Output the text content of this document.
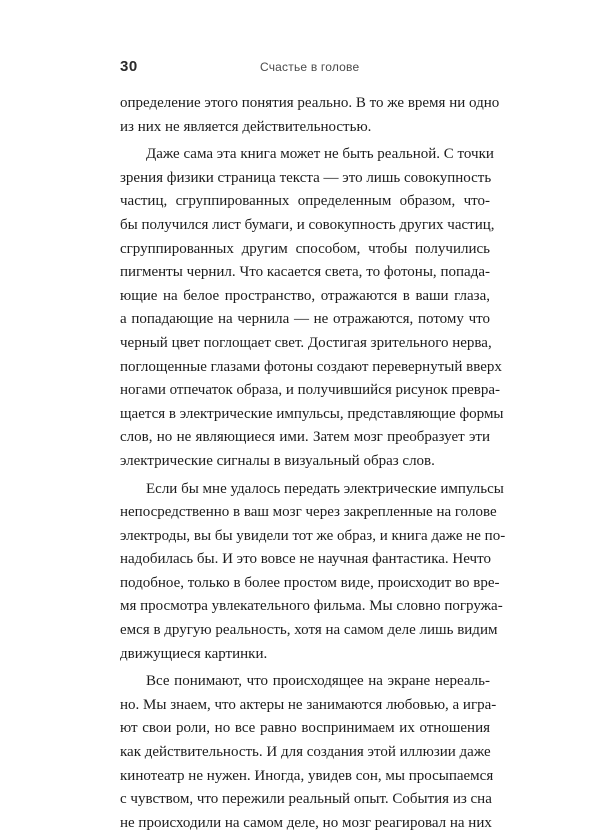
30	Счастье в голове

определение этого понятия реально. В то же время ни одно
из них не является действительностью.

Даже сама эта книга может не быть реальной. С точки
зрения физики страница текста — это лишь совокупность
частиц, сгруппированных определенным образом, что-
бы получился лист бумаги, и совокупность других частиц,
сгруппированных другим способом, чтобы получились
пигменты чернил. Что касается света, то фотоны, попада-
ющие на белое пространство, отражаются в ваши глаза,
а попадающие на чернила — не отражаются, потому что
черный цвет поглощает свет. Достигая зрительного нерва,
поглощенные глазами фотоны создают перевернутый вверх
ногами отпечаток образа, и получившийся рисунок превра-
щается в электрические импульсы, представляющие формы
слов, но не являющиеся ими. Затем мозг преобразует эти
электрические сигналы в визуальный образ слов.

Если бы мне удалось передать электрические импульсы
непосредственно в ваш мозг через закрепленные на голове
электроды, вы бы увидели тот же образ, и книга даже не по-
надобилась бы. И это вовсе не научная фантастика. Нечто
подобное, только в более простом виде, происходит во вре-
мя просмотра увлекательного фильма. Мы словно погружа-
емся в другую реальность, хотя на самом деле лишь видим
движущиеся картинки.

Все понимают, что происходящее на экране нереаль-
но. Мы знаем, что актеры не занимаются любовью, а игра-
ют свои роли, но все равно воспринимаем их отношения
как действительность. И для создания этой иллюзии даже
кинотеатр не нужен. Иногда, увидев сон, мы просыпаемся
с чувством, что пережили реальный опыт. События из сна
не происходили на самом деле, но мозг реагировал на них
